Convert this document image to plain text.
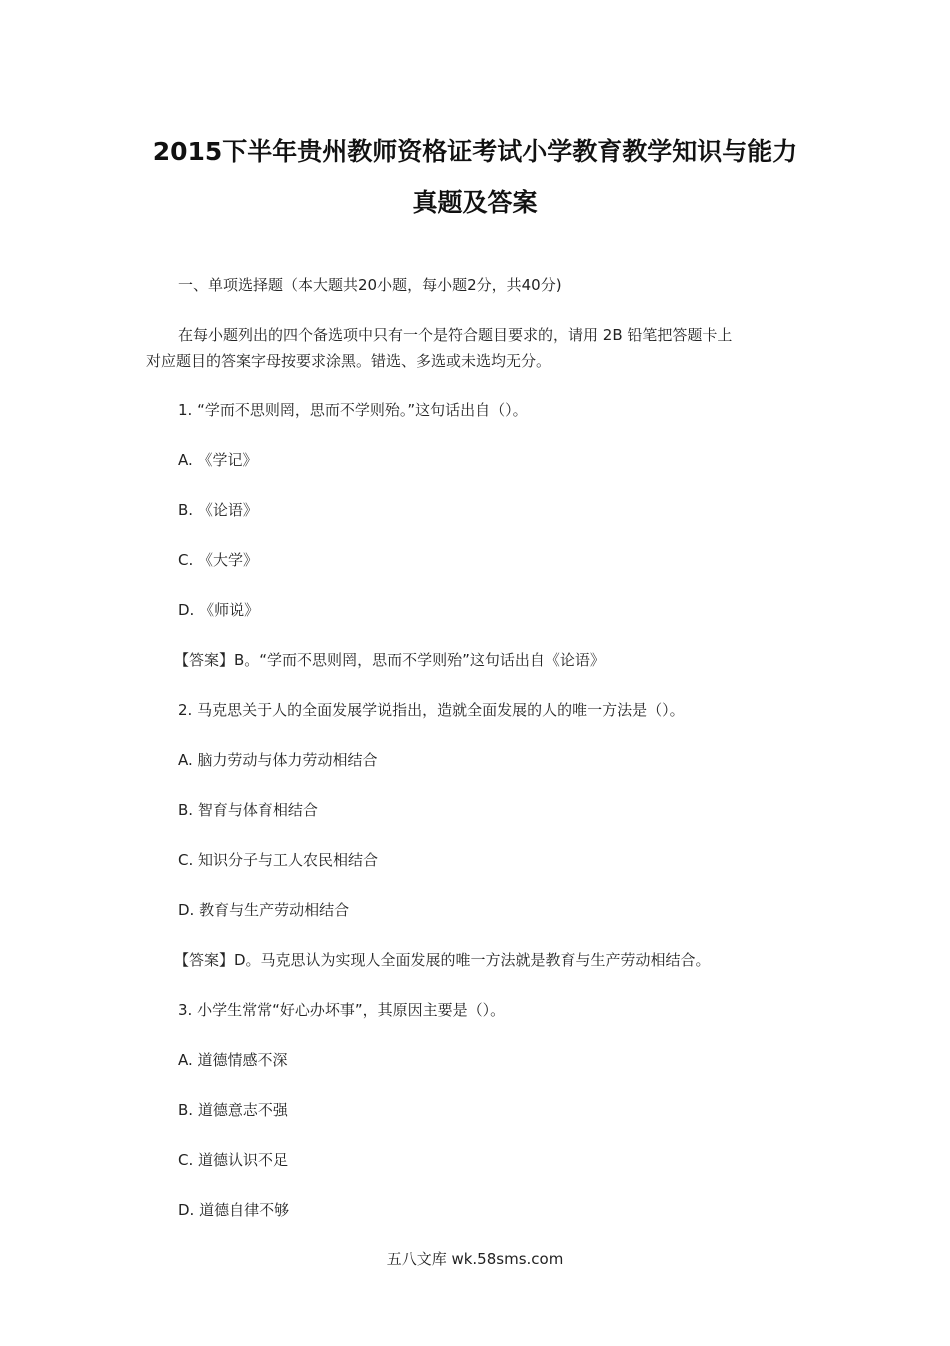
2015下半年贵州教师资格证考试小学教育教学知识与能力
真题及答案
一、单项选择题（本大题共20小题，每小题2分，共40分)
在每小题列出的四个备选项中只有一个是符合题目要求的，请用 2B 铅笔把答题卡上
对应题目的答案字母按要求涂黑。错选、多选或未选均无分。
1. “学而不思则罔，思而不学则殆。”这句话出自（）。
A. 《学记》
B. 《论语》
C. 《大学》
D. 《师说》
【答案】B。“学而不思则罔，思而不学则殆”这句话出自《论语》
2. 马克思关于人的全面发展学说指出，造就全面发展的人的唯一方法是（）。
A. 脑力劳动与体力劳动相结合
B. 智育与体育相结合
C. 知识分子与工人农民相结合
D. 教育与生产劳动相结合
【答案】D。马克思认为实现人全面发展的唯一方法就是教育与生产劳动相结合。
3. 小学生常常“好心办坏事”，其原因主要是（）。
A. 道德情感不深
B. 道德意志不强
C. 道德认识不足
D. 道德自律不够
五八文库 wk.58sms.com
